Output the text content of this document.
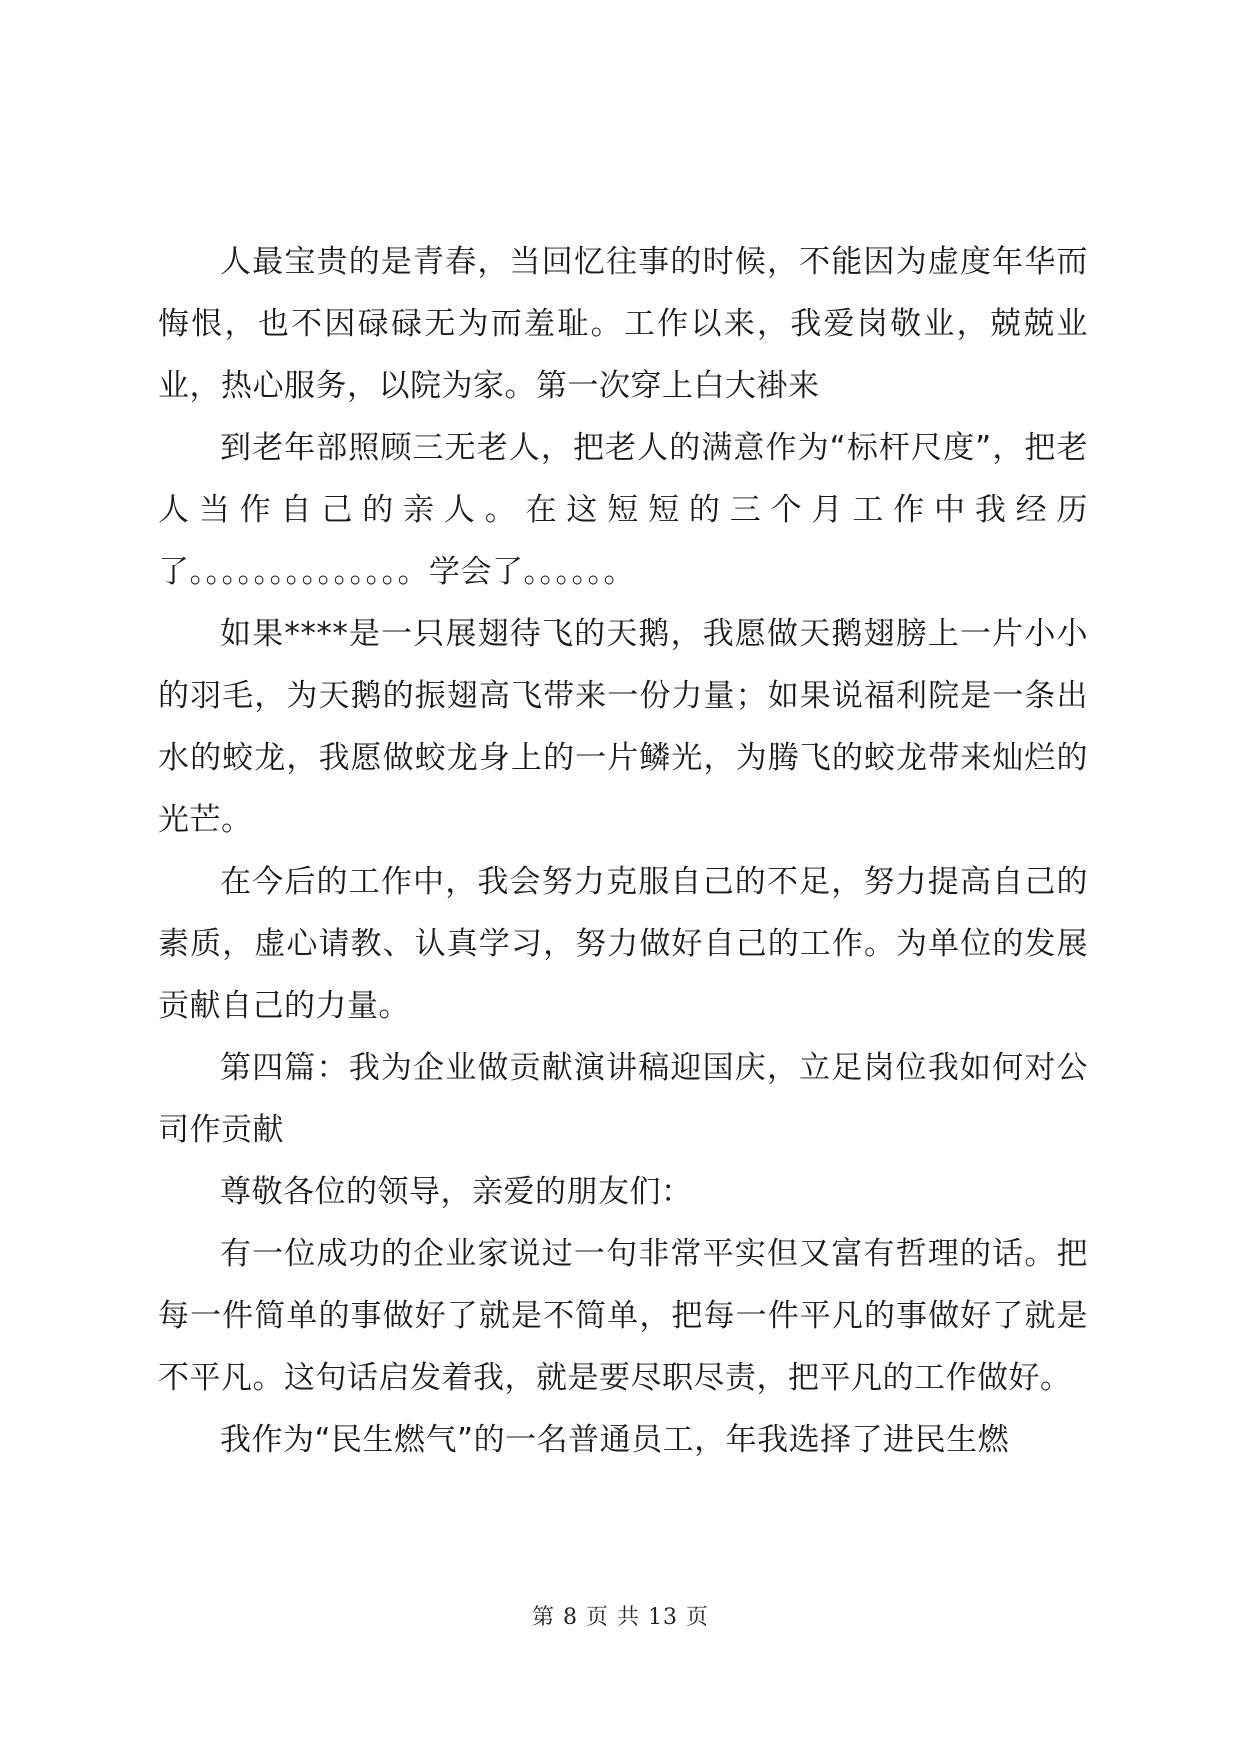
人最宝贵的是青春，当回忆往事的时候，不能因为虚度年华而悔恨，也不因碌碌无为而羞耻。工作以来，我爱岗敬业，兢兢业业，热心服务，以院为家。第一次穿上白大褂来

到老年部照顾三无老人，把老人的满意作为“标杆尺度”，把老人当作自己的亲人。在这短短的三个月工作中我经历了。。。。。。。。。。。。。。学会了。。。。。。

如果****是一只展翅待飞的天鹅，我愿做天鹅翅膀上一片小小的羽毛，为天鹅的振翅高飞带来一份力量；如果说福利院是一条出水的蛟龙，我愿做蛟龙身上的一片鳞光，为腾飞的蛟龙带来灿烂的光芒。

在今后的工作中，我会努力克服自己的不足，努力提高自己的素质，虚心请教、认真学习，努力做好自己的工作。为单位的发展贡献自己的力量。

第四篇：我为企业做贡献演讲稿迎国庆，立足岗位我如何对公司作贡献

尊敬各位的领导，亲爱的朋友们：

有一位成功的企业家说过一句非常平实但又富有哲理的话。把每一件简单的事做好了就是不简单，把每一件平凡的事做好了就是不平凡。这句话启发着我，就是要尽职尽责，把平凡的工作做好。

我作为“民生燃气”的一名普通员工，年我选择了进民生燃

第 8 页 共 13 页
